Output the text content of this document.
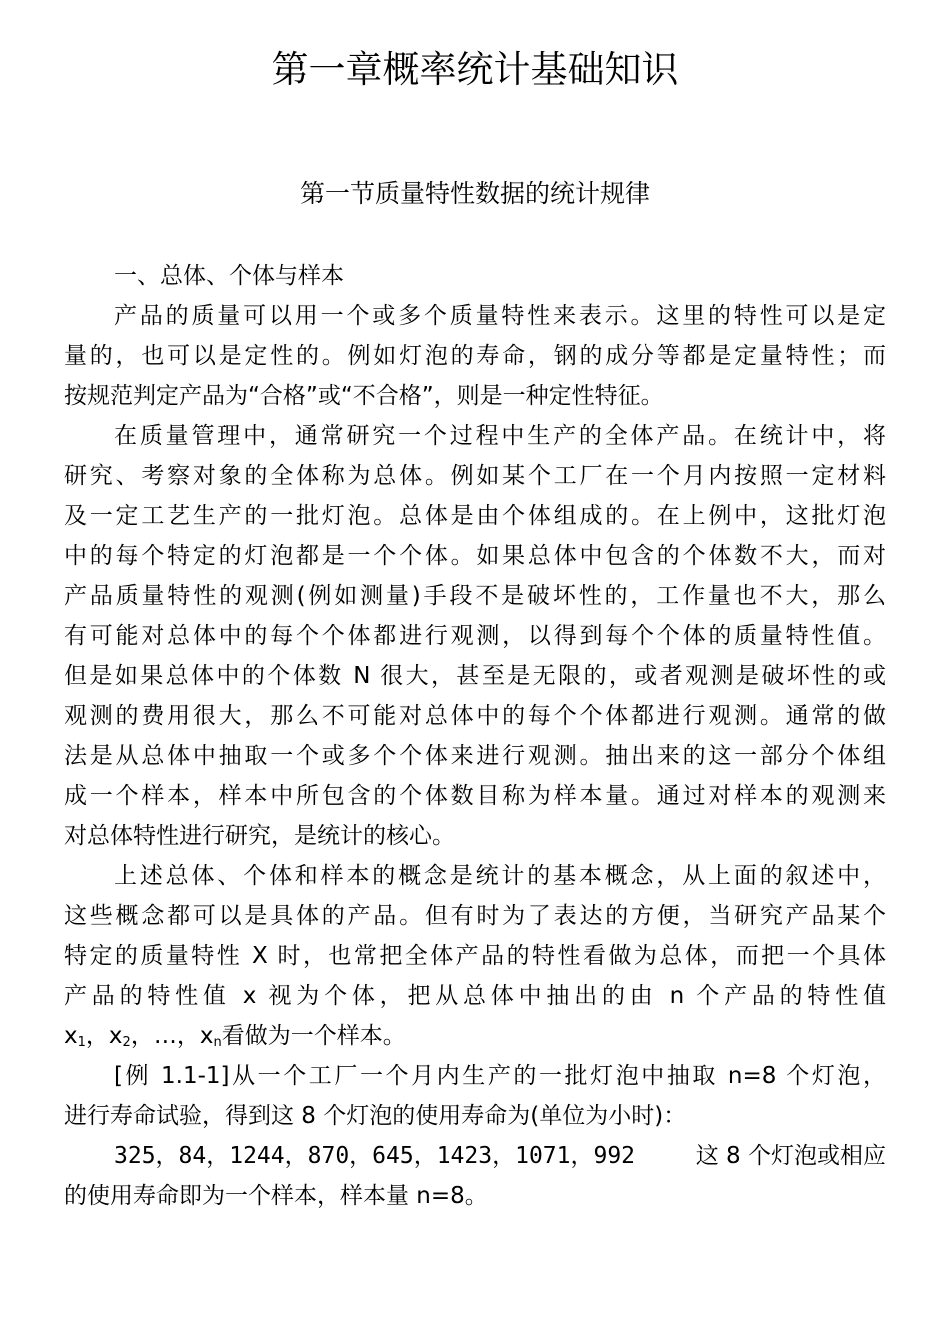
第一章概率统计基础知识
第一节质量特性数据的统计规律
一、总体、个体与样本
产品的质量可以用一个或多个质量特性来表示。这里的特性可以是定
量的，也可以是定性的。例如灯泡的寿命，钢的成分等都是定量特性；而
按规范判定产品为“合格”或“不合格”，则是一种定性特征。
在质量管理中，通常研究一个过程中生产的全体产品。在统计中，将
研究、考察对象的全体称为总体。例如某个工厂在一个月内按照一定材料
及一定工艺生产的一批灯泡。总体是由个体组成的。在上例中，这批灯泡
中的每个特定的灯泡都是一个个体。如果总体中包含的个体数不大，而对
产品质量特性的观测(例如测量)手段不是破坏性的，工作量也不大，那么
有可能对总体中的每个个体都进行观测，以得到每个个体的质量特性值。
但是如果总体中的个体数 N 很大，甚至是无限的，或者观测是破坏性的或
观测的费用很大，那么不可能对总体中的每个个体都进行观测。通常的做
法是从总体中抽取一个或多个个体来进行观测。抽出来的这一部分个体组
成一个样本，样本中所包含的个体数目称为样本量。通过对样本的观测来
对总体特性进行研究，是统计的核心。
上述总体、个体和样本的概念是统计的基本概念，从上面的叙述中，
这些概念都可以是具体的产品。但有时为了表达的方便，当研究产品某个
特定的质量特性 X 时，也常把全体产品的特性看做为总体，而把一个具体
产品的特性值 x 视为个体，把从总体中抽出的由 n 个产品的特性值
$x_1$，$x_2$，…，$x_n$看做为一个样本。
[例 1.1-1]从一个工厂一个月内生产的一批灯泡中抽取 n=8 个灯泡，
进行寿命试验，得到这 8 个灯泡的使用寿命为(单位为小时)：
325，84，1244，870，645，1423，1071，992	这 8 个灯泡或相应
的使用寿命即为一个样本，样本量 n=8。
